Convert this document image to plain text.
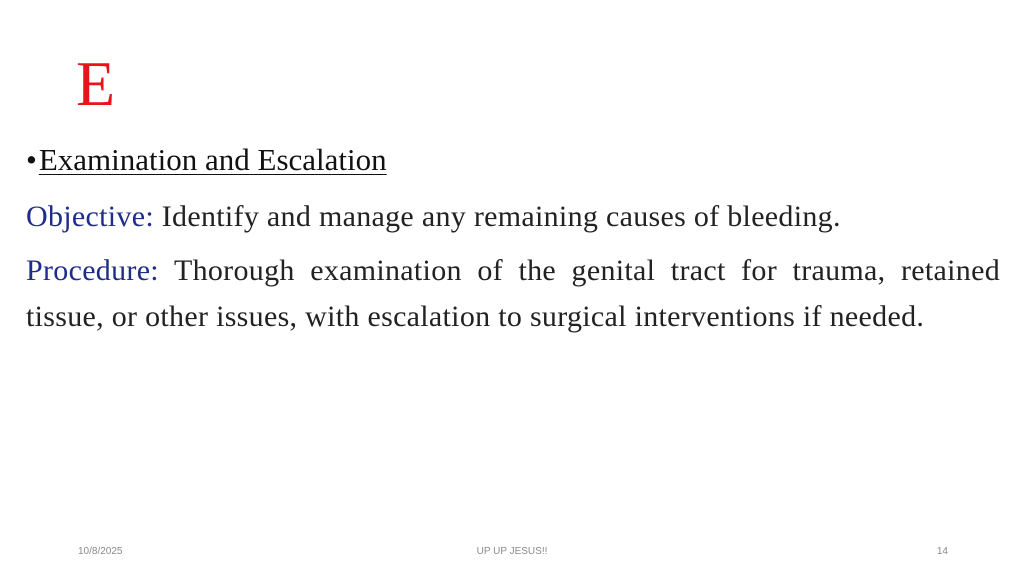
E
•Examination and Escalation

Objective: Identify and manage any remaining causes of bleeding.

Procedure: Thorough examination of the genital tract for trauma, retained tissue, or other issues, with escalation to surgical interventions if needed.

10/8/2025	UP UP JESUS!!	14
